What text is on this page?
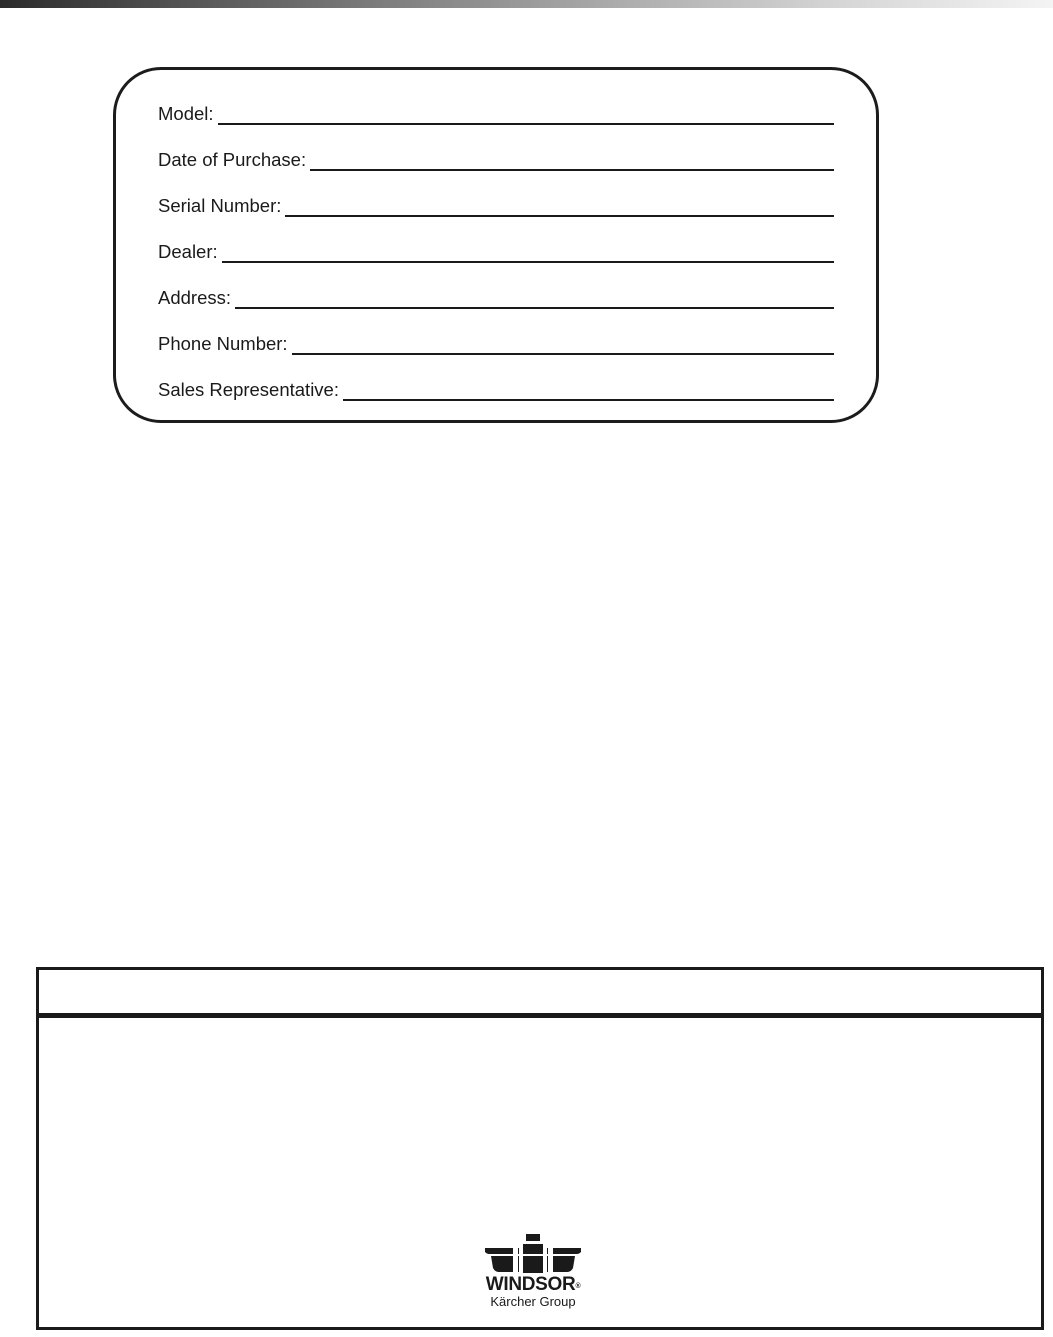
Model:
Date of Purchase:
Serial Number:
Dealer:
Address:
Phone Number:
Sales Representative:
WINDSOR®
Kärcher Group
